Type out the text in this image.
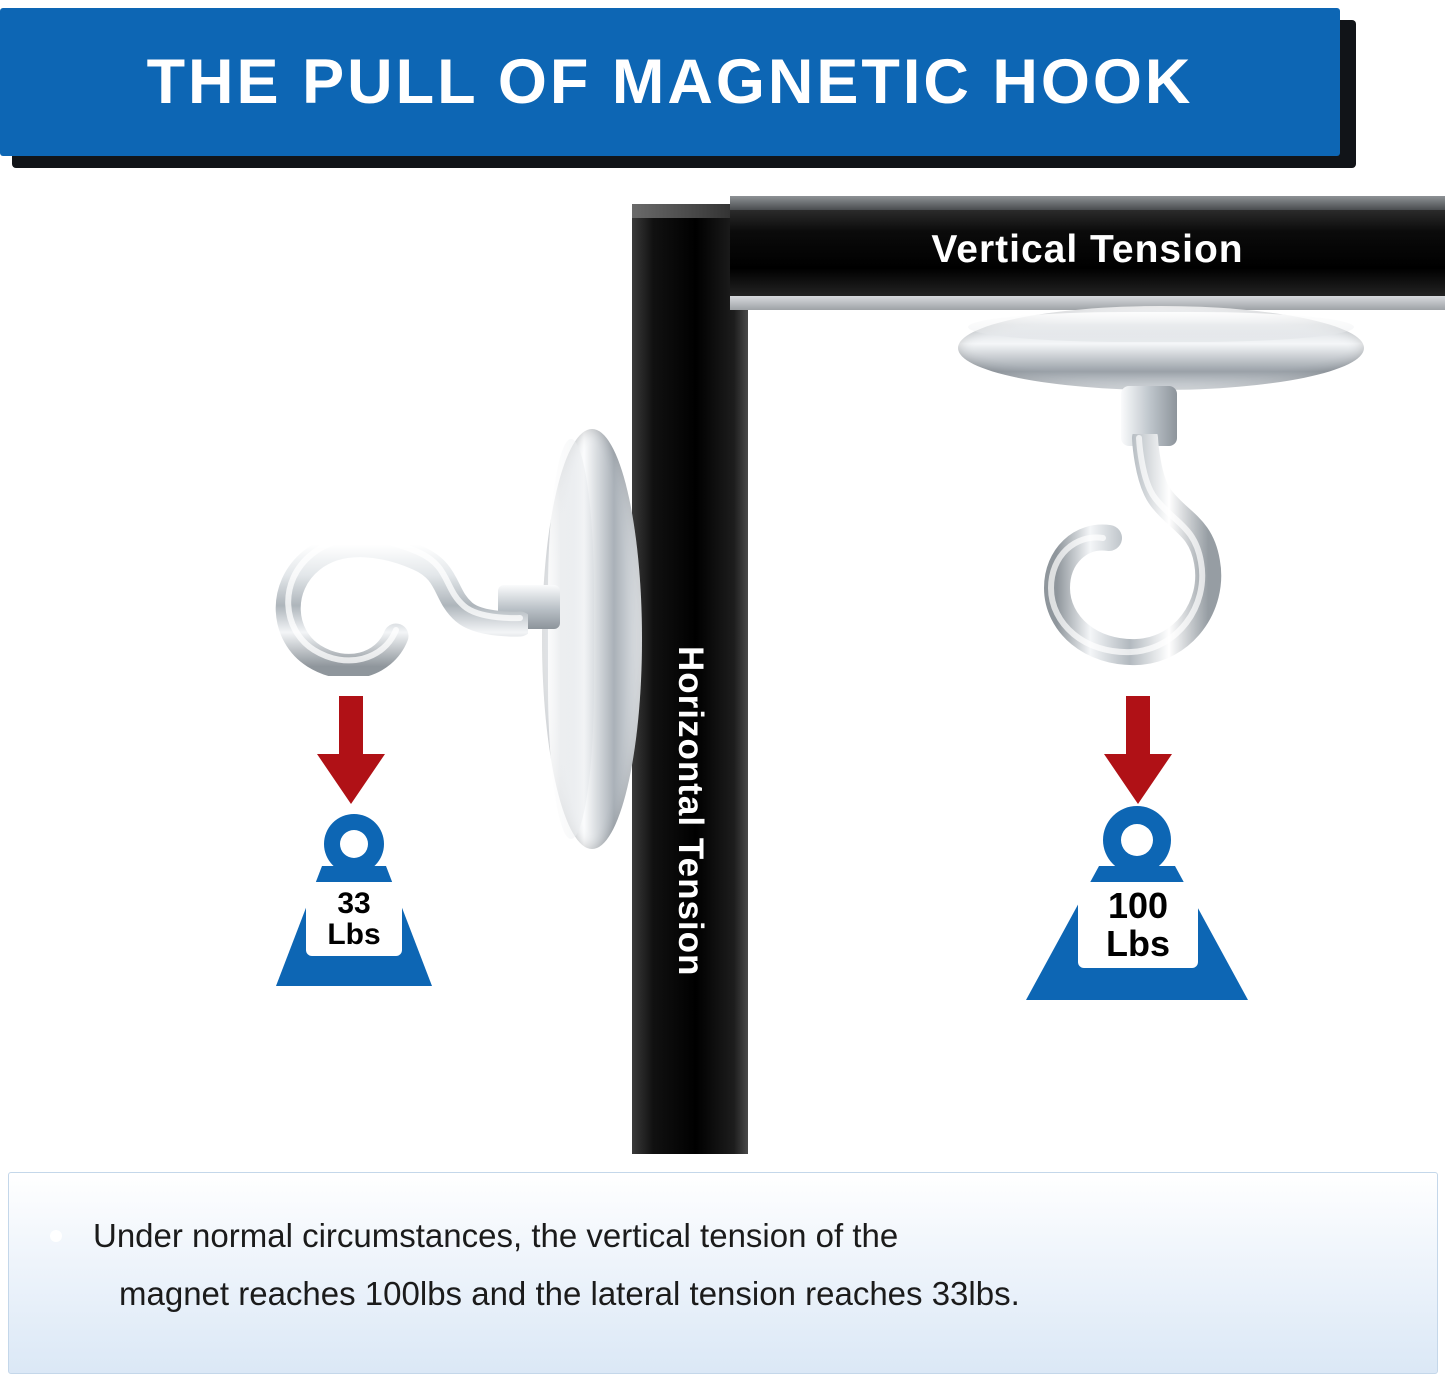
THE PULL OF MAGNETIC HOOK
Horizontal Tension
Vertical Tension
33
Lbs
100
Lbs
Under normal circumstances, the vertical tension of the
magnet reaches 100lbs and the lateral tension reaches 33lbs.
